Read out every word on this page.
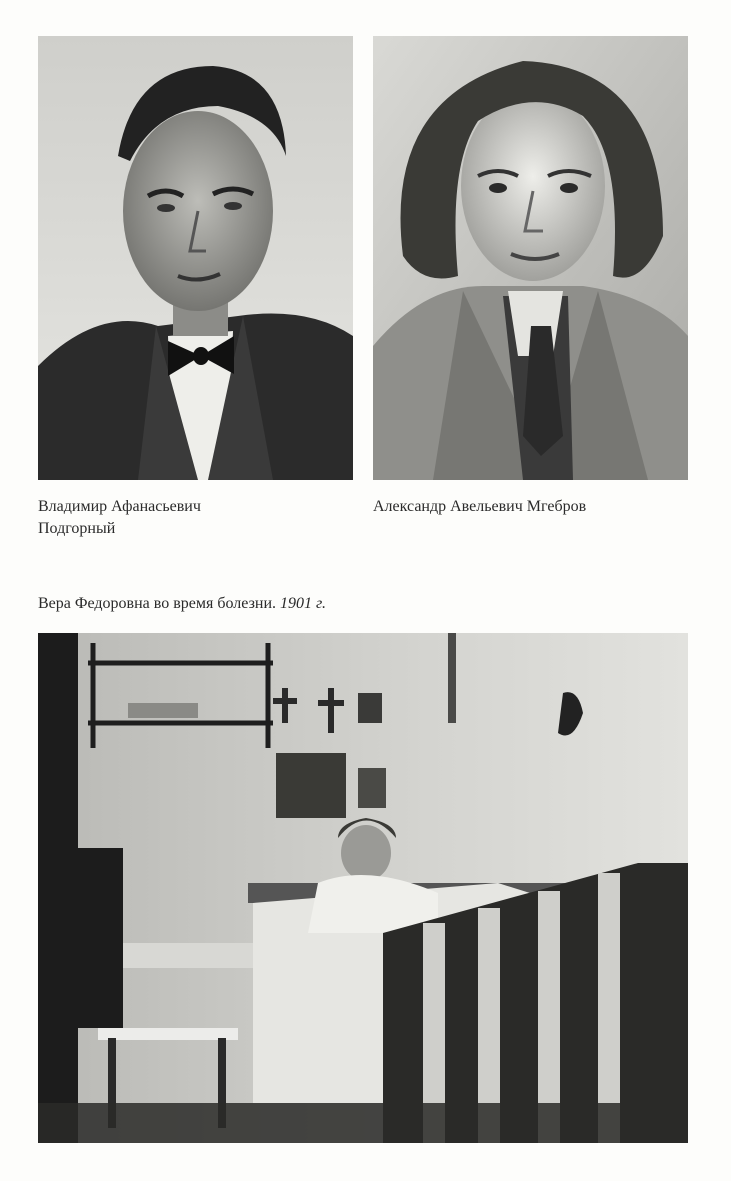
Владимир Афанасьевич
Подгорный
Александр Авельевич Мгебров
Вера Федоровна во время болезни. 1901 г.
